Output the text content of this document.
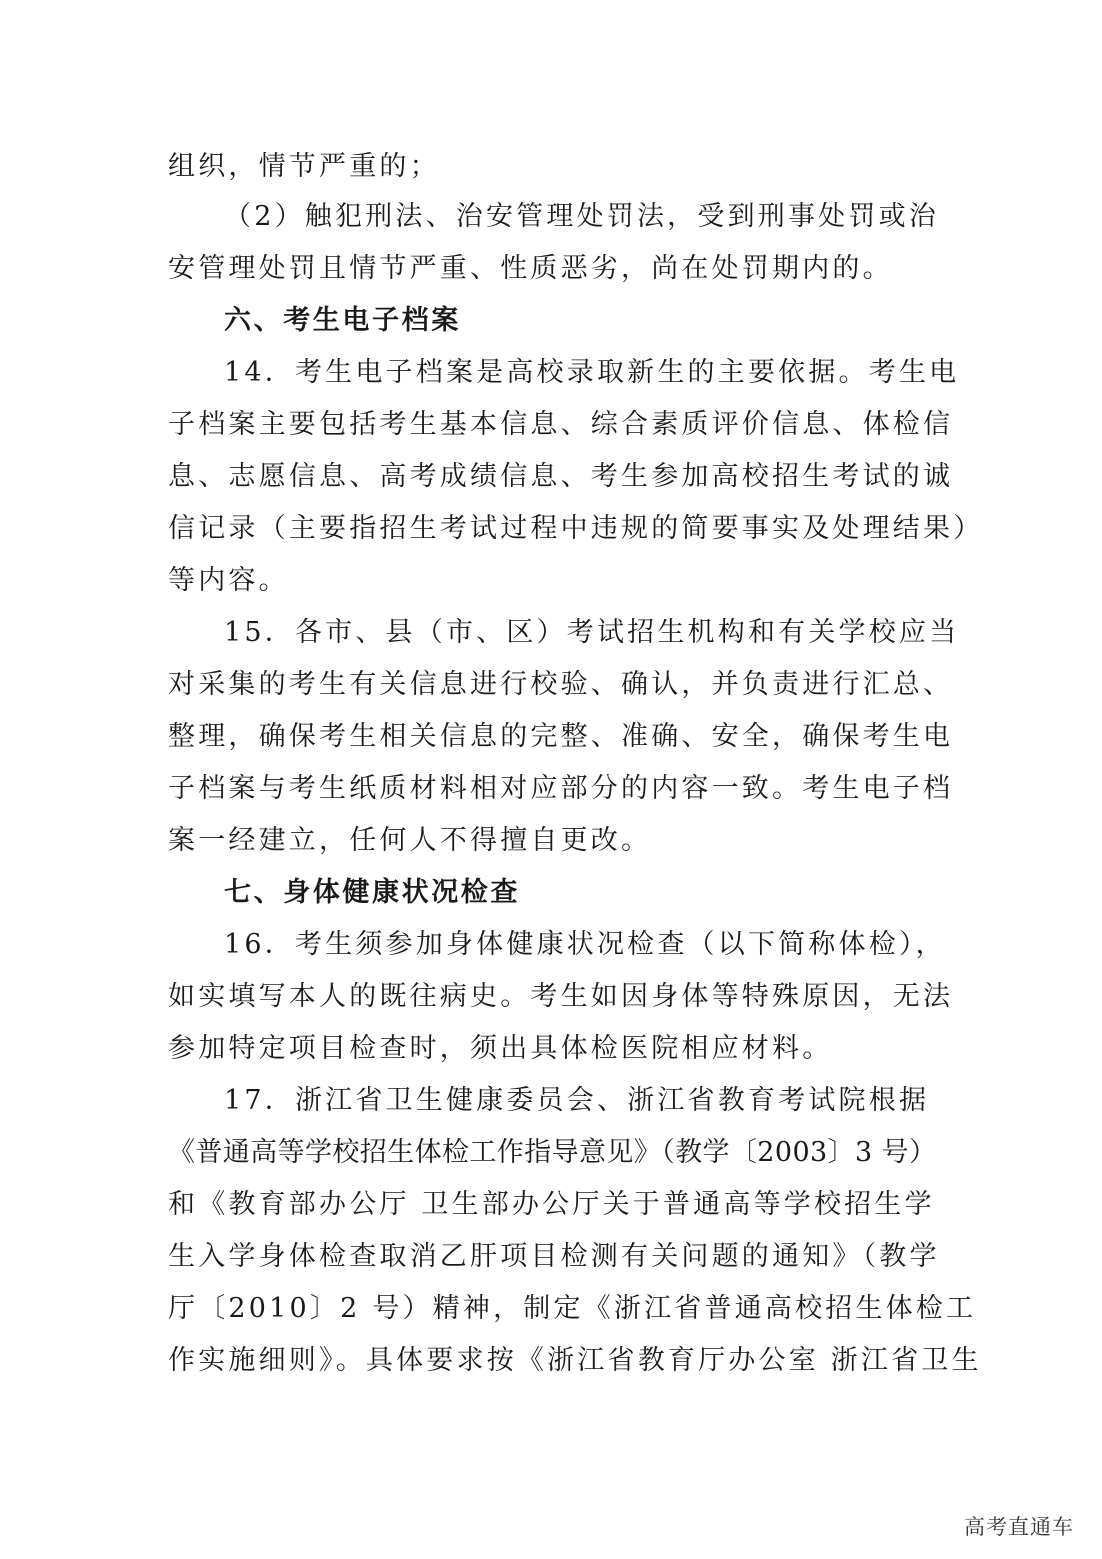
组织，情节严重的；
（2）触犯刑法、治安管理处罚法，受到刑事处罚或治
安管理处罚且情节严重、性质恶劣，尚在处罚期内的。
六、考生电子档案
14．考生电子档案是高校录取新生的主要依据。考生电
子档案主要包括考生基本信息、综合素质评价信息、体检信
息、志愿信息、高考成绩信息、考生参加高校招生考试的诚
信记录（主要指招生考试过程中违规的简要事实及处理结果）
等内容。
15．各市、县（市、区）考试招生机构和有关学校应当
对采集的考生有关信息进行校验、确认，并负责进行汇总、
整理，确保考生相关信息的完整、准确、安全，确保考生电
子档案与考生纸质材料相对应部分的内容一致。考生电子档
案一经建立，任何人不得擅自更改。
七、身体健康状况检查
16．考生须参加身体健康状况检查（以下简称体检），
如实填写本人的既往病史。考生如因身体等特殊原因，无法
参加特定项目检查时，须出具体检医院相应材料。
17．浙江省卫生健康委员会、浙江省教育考试院根据
《普通高等学校招生体检工作指导意见》（教学〔2003〕3 号）
和《教育部办公厅 卫生部办公厅关于普通高等学校招生学
生入学身体检查取消乙肝项目检测有关问题的通知》（教学
厅〔2010〕2 号）精神，制定《浙江省普通高校招生体检工
作实施细则》。具体要求按《浙江省教育厅办公室 浙江省卫生
高考直通车
